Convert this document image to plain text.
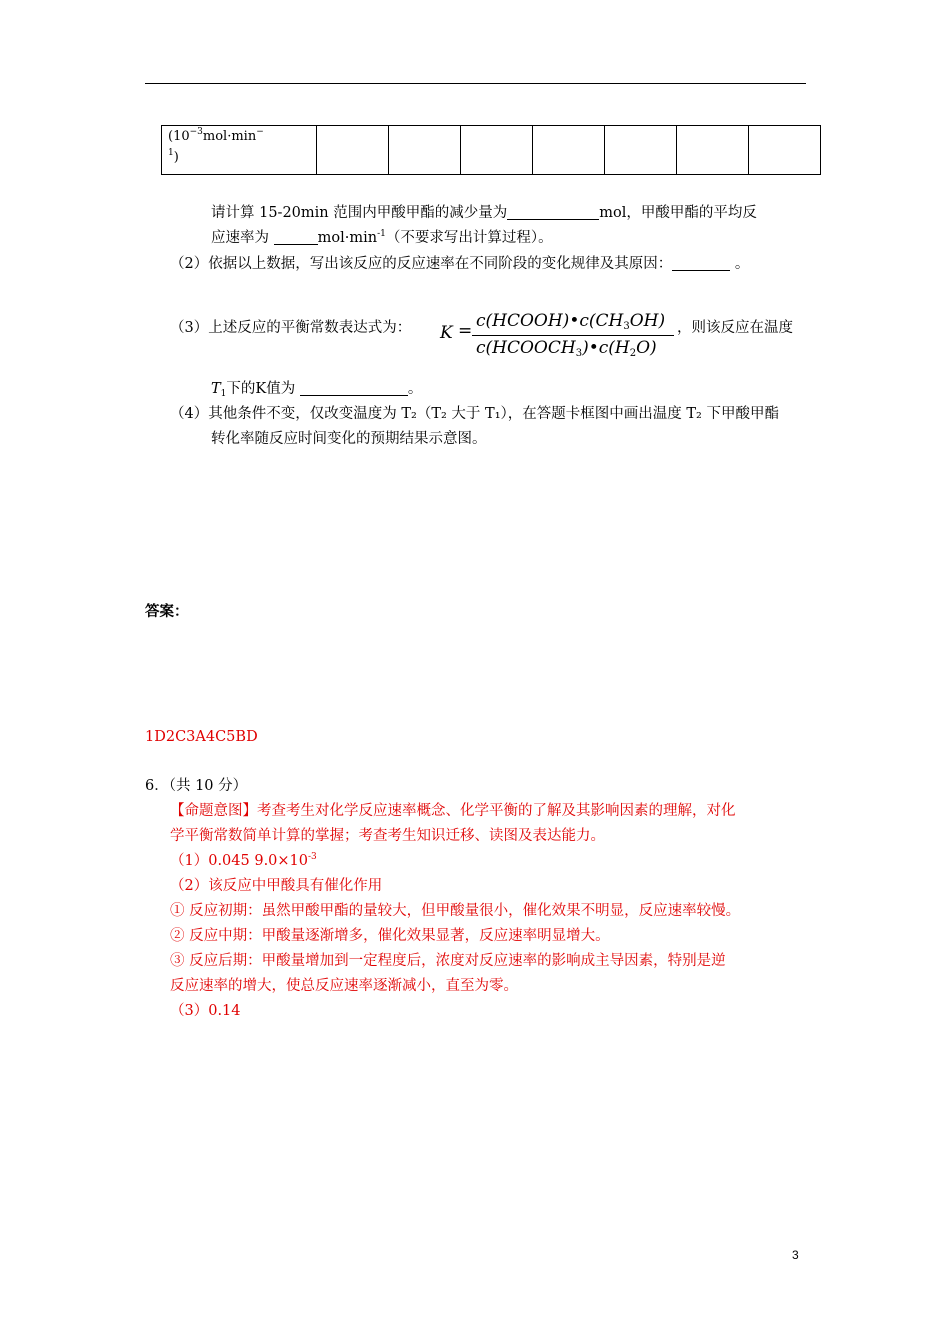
($10^{-3}mol\cdot\min^-$
$^1$)							
请计算 15-20min 范围内甲酸甲酯的减少量为	mol，甲酸甲酯的平均反
应速率为	$mol\cdot\min^{-1}$（不要求写出计算过程）。
（2）依据以上数据，写出该反应的反应速率在不同阶段的变化规律及其原因：	。
（3）上述反应的平衡常数表达式为： $K = c(HCOOH)•c(CH_3OH)$
$c(HCOOCH_3)•c(H_2O)$
，则该反应在温度
$T_1$下的K值为	。
（4）其他条件不变，仅改变温度为 T₂（T₂ 大于 T₁），在答题卡框图中画出温度 T₂ 下甲酸甲酯
转化率随反应时间变化的预期结果示意图。
答案：
1D2C3A4C5BD
6．（共 10 分）
【命题意图】考查考生对化学反应速率概念、化学平衡的了解及其影响因素的理解，对化
学平衡常数简单计算的掌握；考查考生知识迁移、读图及表达能力。
（1）0.045 $9.0\times 10^{-3}$
（2）该反应中甲酸具有催化作用
① 反应初期：虽然甲酸甲酯的量较大，但甲酸量很小，催化效果不明显，反应速率较慢。
② 反应中期：甲酸量逐渐增多，催化效果显著，反应速率明显增大。
③ 反应后期：甲酸量增加到一定程度后，浓度对反应速率的影响成主导因素，特别是逆
反应速率的增大，使总反应速率逐渐减小，直至为零。
（3）0.14
3
